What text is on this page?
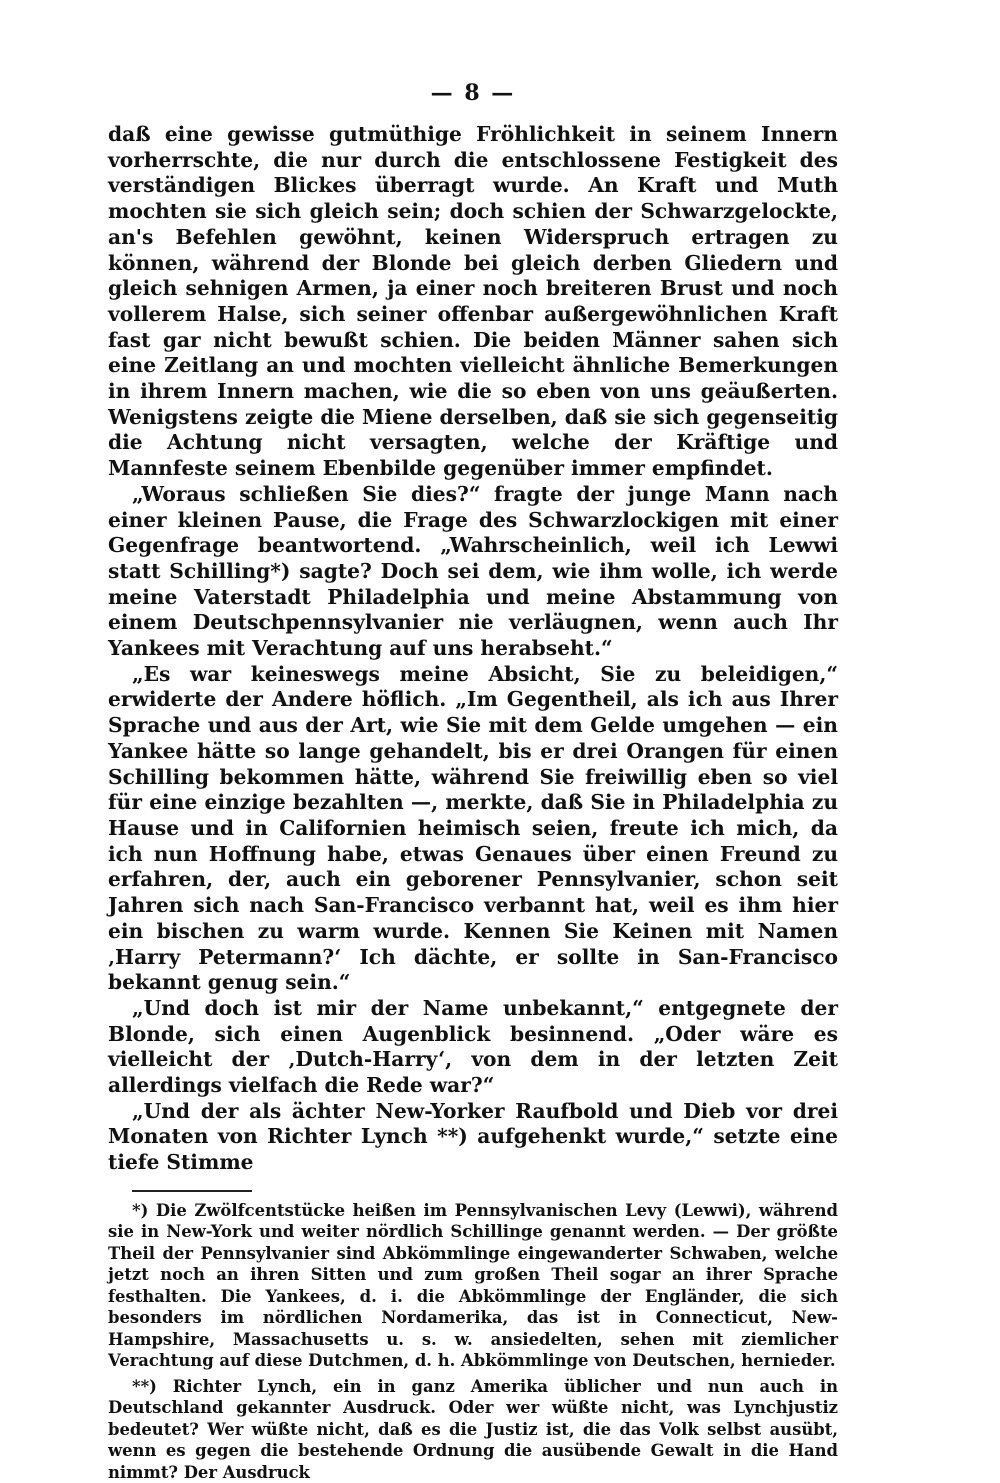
— 8 —

daß eine gewisse gutmüthige Fröhlichkeit in seinem Innern vorherrschte, die nur durch die entschlossene Festigkeit des verständigen Blickes überragt wurde. An Kraft und Muth mochten sie sich gleich sein; doch schien der Schwarzgelockte, an's Befehlen gewöhnt, keinen Widerspruch ertragen zu können, während der Blonde bei gleich derben Gliedern und gleich sehnigen Armen, ja einer noch breiteren Brust und noch vollerem Halse, sich seiner offenbar außergewöhnlichen Kraft fast gar nicht bewußt schien. Die beiden Männer sahen sich eine Zeitlang an und mochten vielleicht ähnliche Bemerkungen in ihrem Innern machen, wie die so eben von uns geäußerten. Wenigstens zeigte die Miene derselben, daß sie sich gegenseitig die Achtung nicht versagten, welche der Kräftige und Mannfeste seinem Ebenbilde gegenüber immer empfindet.

„Woraus schließen Sie dies?“ fragte der junge Mann nach einer kleinen Pause, die Frage des Schwarzlockigen mit einer Gegenfrage beantwortend. „Wahrscheinlich, weil ich Lewwi statt Schilling*) sagte? Doch sei dem, wie ihm wolle, ich werde meine Vaterstadt Philadelphia und meine Abstammung von einem Deutschpennsylvanier nie verläugnen, wenn auch Ihr Yankees mit Verachtung auf uns herabseht.“

„Es war keineswegs meine Absicht, Sie zu beleidigen,“ erwiderte der Andere höflich. „Im Gegentheil, als ich aus Ihrer Sprache und aus der Art, wie Sie mit dem Gelde umgehen — ein Yankee hätte so lange gehandelt, bis er drei Orangen für einen Schilling bekommen hätte, während Sie freiwillig eben so viel für eine einzige bezahlten —, merkte, daß Sie in Philadelphia zu Hause und in Californien heimisch seien, freute ich mich, da ich nun Hoffnung habe, etwas Genaues über einen Freund zu erfahren, der, auch ein geborener Pennsylvanier, schon seit Jahren sich nach San-Francisco verbannt hat, weil es ihm hier ein bischen zu warm wurde. Kennen Sie Keinen mit Namen ‚Harry Petermann?‘ Ich dächte, er sollte in San-Francisco bekannt genug sein.“

„Und doch ist mir der Name unbekannt,“ entgegnete der Blonde, sich einen Augenblick besinnend. „Oder wäre es vielleicht der ‚Dutch-Harry‘, von dem in der letzten Zeit allerdings vielfach die Rede war?“

„Und der als ächter New-Yorker Raufbold und Dieb vor drei Monaten von Richter Lynch **) aufgehenkt wurde,“ setzte eine tiefe Stimme

*) Die Zwölfcentstücke heißen im Pennsylvanischen Levy (Lewwi), während sie in New-York und weiter nördlich Schillinge genannt werden. — Der größte Theil der Pennsylvanier sind Abkömmlinge eingewanderter Schwaben, welche jetzt noch an ihren Sitten und zum großen Theil sogar an ihrer Sprache festhalten. Die Yankees, d. i. die Abkömmlinge der Engländer, die sich besonders im nördlichen Nordamerika, das ist in Connecticut, New-Hampshire, Massachusetts u. s. w. ansiedelten, sehen mit ziemlicher Verachtung auf diese Dutchmen, d. h. Abkömmlinge von Deutschen, hernieder.

**) Richter Lynch, ein in ganz Amerika üblicher und nun auch in Deutschland gekannter Ausdruck. Oder wer wüßte nicht, was Lynchjustiz bedeutet? Wer wüßte nicht, daß es die Justiz ist, die das Volk selbst ausübt, wenn es gegen die bestehende Ordnung die ausübende Gewalt in die Hand nimmt? Der Ausdruck
